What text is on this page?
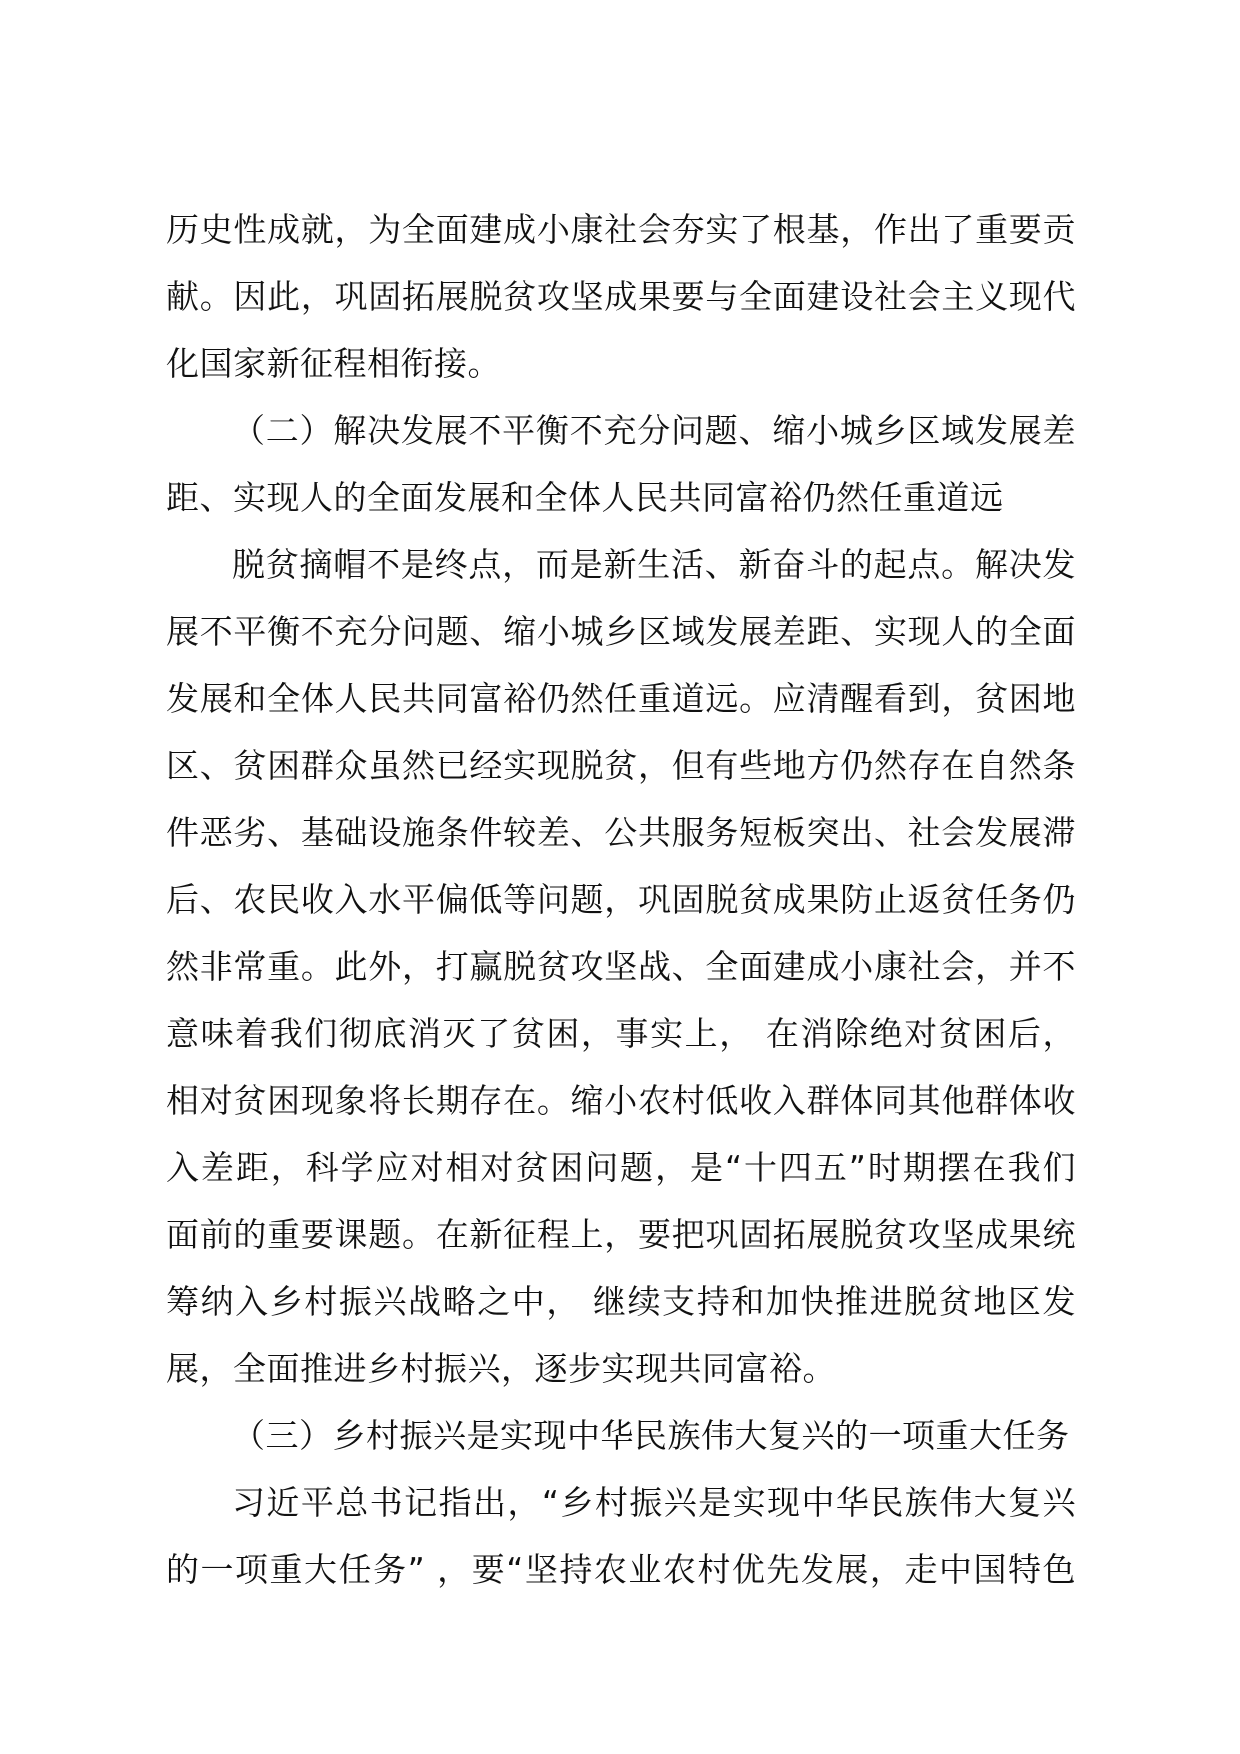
历史性成就，为全面建成小康社会夯实了根基，作出了重要贡
献。因此，巩固拓展脱贫攻坚成果要与全面建设社会主义现代
化国家新征程相衔接。
（二）解决发展不平衡不充分问题、缩小城乡区域发展差
距、实现人的全面发展和全体人民共同富裕仍然任重道远
脱贫摘帽不是终点，而是新生活、新奋斗的起点。解决发
展不平衡不充分问题、缩小城乡区域发展差距、实现人的全面
发展和全体人民共同富裕仍然任重道远。应清醒看到，贫困地
区、贫困群众虽然已经实现脱贫，但有些地方仍然存在自然条
件恶劣、基础设施条件较差、公共服务短板突出、社会发展滞
后、农民收入水平偏低等问题，巩固脱贫成果防止返贫任务仍
然非常重。此外，打赢脱贫攻坚战、全面建成小康社会，并不
意味着我们彻底消灭了贫困，事实上， 在消除绝对贫困后，
相对贫困现象将长期存在。缩小农村低收入群体同其他群体收
入差距，科学应对相对贫困问题，是“十四五”时期摆在我们
面前的重要课题。在新征程上，要把巩固拓展脱贫攻坚成果统
筹纳入乡村振兴战略之中， 继续支持和加快推进脱贫地区发
展，全面推进乡村振兴，逐步实现共同富裕。
（三）乡村振兴是实现中华民族伟大复兴的一项重大任务
习近平总书记指出，“乡村振兴是实现中华民族伟大复兴
的一项重大任务” ，要“坚持农业农村优先发展，走中国特色
